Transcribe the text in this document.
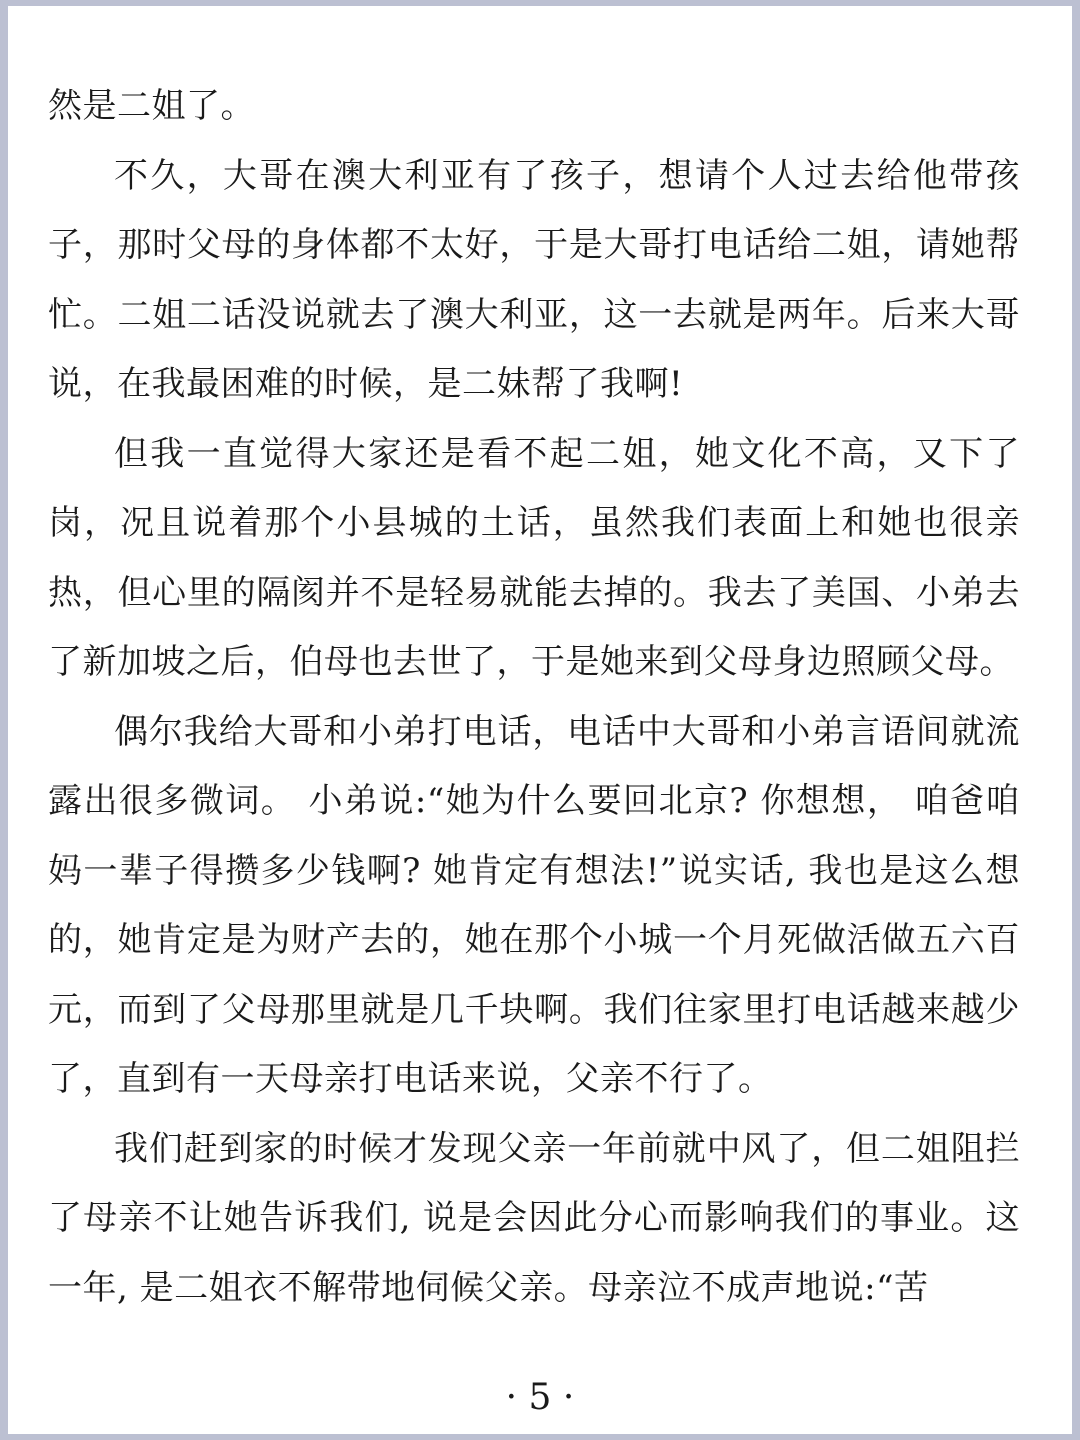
然是二姐了。

不久，大哥在澳大利亚有了孩子，想请个人过去给他带孩子，那时父母的身体都不太好，于是大哥打电话给二姐，请她帮忙。二姐二话没说就去了澳大利亚，这一去就是两年。后来大哥说，在我最困难的时候，是二妹帮了我啊!

但我一直觉得大家还是看不起二姐，她文化不高，又下了岗，况且说着那个小县城的土话，虽然我们表面上和她也很亲热，但心里的隔阂并不是轻易就能去掉的。我去了美国、小弟去了新加坡之后，伯母也去世了，于是她来到父母身边照顾父母。

偶尔我给大哥和小弟打电话，电话中大哥和小弟言语间就流露出很多微词。 小弟说:“她为什么要回北京? 你想想， 咱爸咱妈一辈子得攒多少钱啊? 她肯定有想法!”说实话, 我也是这么想的，她肯定是为财产去的，她在那个小城一个月死做活做五六百元，而到了父母那里就是几千块啊。我们往家里打电话越来越少了，直到有一天母亲打电话来说，父亲不行了。

我们赶到家的时候才发现父亲一年前就中风了，但二姐阻拦了母亲不让她告诉我们, 说是会因此分心而影响我们的事业。这一年, 是二姐衣不解带地伺候父亲。母亲泣不成声地说:“苦

· 5 ·
